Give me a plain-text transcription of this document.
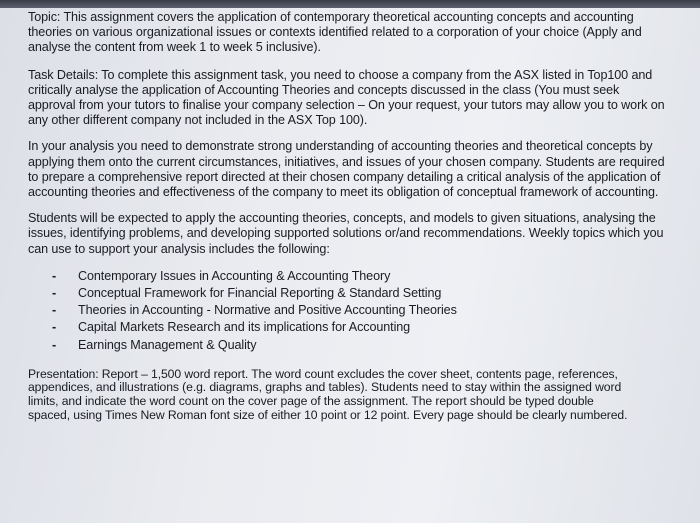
Topic: This assignment covers the application of contemporary theoretical accounting concepts and accounting theories on various organizational issues or contexts identified related to a corporation of your choice (Apply and analyse the content from week 1 to week 5 inclusive).

Task Details: To complete this assignment task, you need to choose a company from the ASX listed in Top100 and critically analyse the application of Accounting Theories and concepts discussed in the class (You must seek approval from your tutors to finalise your company selection – On your request, your tutors may allow you to work on any other different company not included in the ASX Top 100).

In your analysis you need to demonstrate strong understanding of accounting theories and theoretical concepts by applying them onto the current circumstances, initiatives, and issues of your chosen company. Students are required to prepare a comprehensive report directed at their chosen company detailing a critical analysis of the application of accounting theories and effectiveness of the company to meet its obligation of conceptual framework of accounting.

Students will be expected to apply the accounting theories, concepts, and models to given situations, analysing the issues, identifying problems, and developing supported solutions or/and recommendations. Weekly topics which you can use to support your analysis includes the following:

- Contemporary Issues in Accounting & Accounting Theory
- Conceptual Framework for Financial Reporting & Standard Setting
- Theories in Accounting - Normative and Positive Accounting Theories
- Capital Markets Research and its implications for Accounting
- Earnings Management & Quality

Presentation: Report – 1,500 word report. The word count excludes the cover sheet, contents page, references, appendices, and illustrations (e.g. diagrams, graphs and tables). Students need to stay within the assigned word limits, and indicate the word count on the cover page of the assignment. The report should be typed double spaced, using Times New Roman font size of either 10 point or 12 point. Every page should be clearly numbered.
